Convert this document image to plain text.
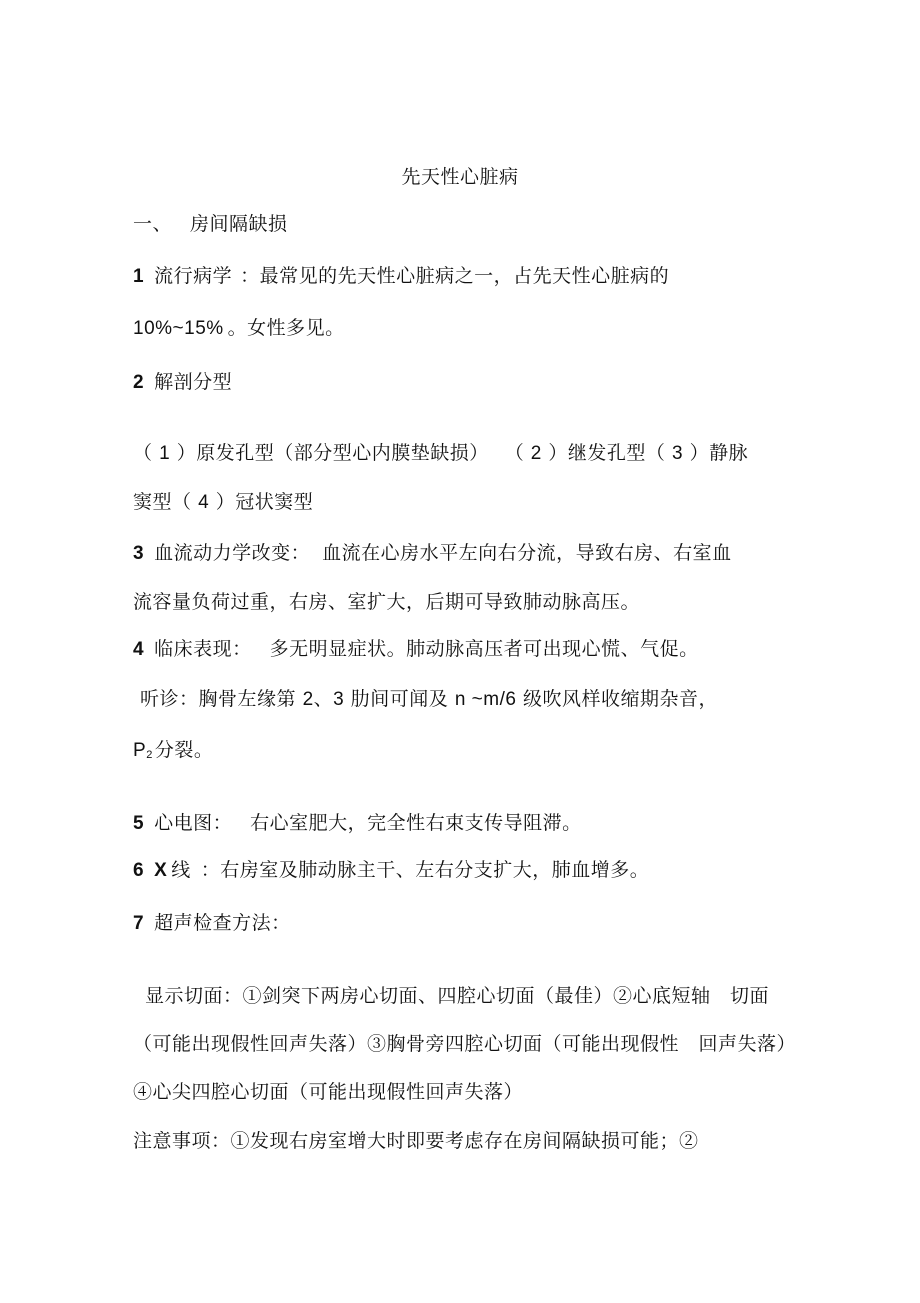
先天性心脏病
一、 房间隔缺损
1 流行病学 ：最常见的先天性心脏病之一，占先天性心脏病的
10%~15% 。女性多见。
2 解剖分型
（ 1 ）原发孔型（部分型心内膜垫缺损） （ 2 ）继发孔型（ 3 ）静脉
窦型（ 4 ）冠状窦型
3 血流动力学改变： 血流在心房水平左向右分流，导致右房、右室血
流容量负荷过重，右房、室扩大，后期可导致肺动脉高压。
4 临床表现： 多无明显症状。肺动脉高压者可出现心慌、气促。
听诊：胸骨左缘第 2、3 肋间可闻及 n ~m/6 级吹风样收缩期杂音，
P2 分裂。
5 心电图： 右心室肥大，完全性右束支传导阻滞。
6 X 线 ：右房室及肺动脉主干、左右分支扩大，肺血增多。
7 超声检查方法：
显示切面：①剑突下两房心切面、四腔心切面（最佳）②心底短轴　切面
（可能出现假性回声失落）③胸骨旁四腔心切面（可能出现假性　回声失落）
④心尖四腔心切面（可能出现假性回声失落）
注意事项：①发现右房室增大时即要考虑存在房间隔缺损可能；②
